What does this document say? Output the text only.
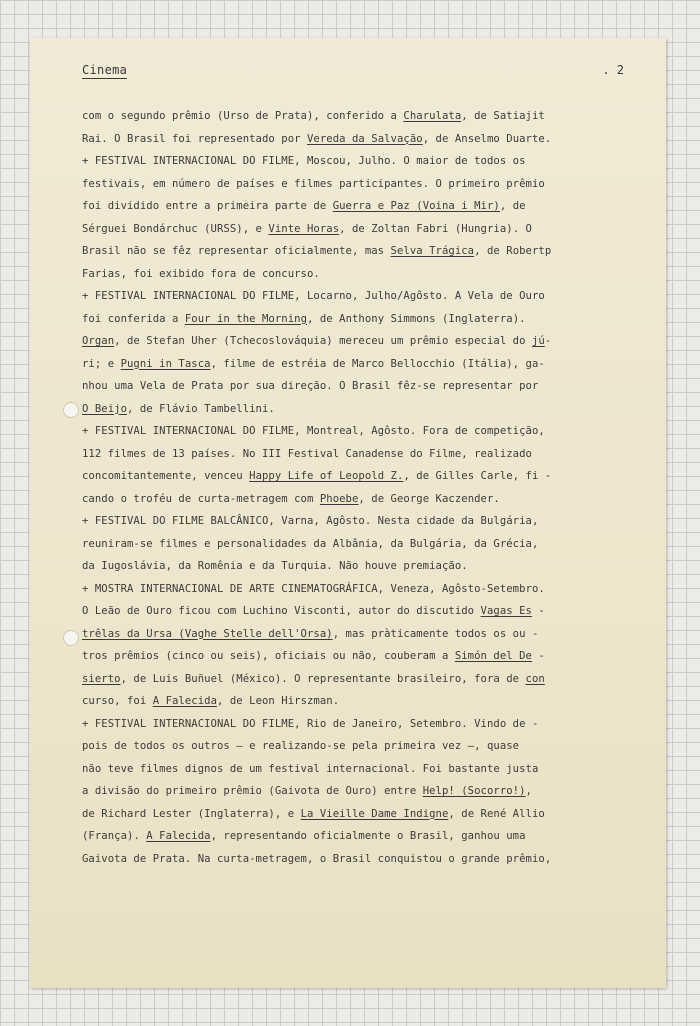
Cinema	. 2
com o segundo prêmio (Urso de Prata), conferido a Charulata, de Satiajit
Rai. O Brasil foi representado por Vereda da Salvação, de Anselmo Duarte.
+ FESTIVAL INTERNACIONAL DO FILME, Moscou, Julho. O maior de todos os
festivais, em número de países e filmes participantes. O primeiro prêmio
foi dividido entre a primeira parte de Guerra e Paz (Voina i Mir), de
Sérguei Bondárchuc (URSS), e Vinte Horas, de Zoltan Fabri (Hungria). O
Brasil não se fêz representar oficialmente, mas Selva Trágica, de Robertp
Farias, foi exibido fora de concurso.
+ FESTIVAL INTERNACIONAL DO FILME, Locarno, Julho/Agôsto. A Vela de Ouro
foi conferida a Four in the Morning, de Anthony Simmons (Inglaterra).
Organ, de Stefan Uher (Tchecoslováquia) mereceu um prêmio especial do jú-
ri; e Pugni in Tasca, filme de estréia de Marco Bellocchio (Itália), ga-
nhou uma Vela de Prata por sua direção. O Brasil fêz-se representar por
O Beijo, de Flávio Tambellini.
+ FESTIVAL INTERNACIONAL DO FILME, Montreal, Agôsto. Fora de competição,
112 filmes de 13 países. No III Festival Canadense do Filme, realizado
concomitantemente, venceu Happy Life of Leopold Z., de Gilles Carle, fi -
cando o troféu de curta-metragem com Phoebe, de George Kaczender.
+ FESTIVAL DO FILME BALCÂNICO, Varna, Agôsto. Nesta cidade da Bulgária,
reuniram-se filmes e personalidades da Albânia, da Bulgária, da Grécia,
da Iugoslávia, da Romênia e da Turquia. Não houve premiação.
+ MOSTRA INTERNACIONAL DE ARTE CINEMATOGRÁFICA, Veneza, Agôsto-Setembro.
O Leão de Ouro ficou com Luchino Visconti, autor do discutido Vagas Es -
trêlas da Ursa (Vaghe Stelle dell'Orsa), mas pràticamente todos os ou -
tros prêmios (cinco ou seis), oficiais ou não, couberam a Simón del De -
sierto, de Luis Buñuel (México). O representante brasileiro, fora de con
curso, foi A Falecida, de Leon Hirszman.
+ FESTIVAL INTERNACIONAL DO FILME, Rio de Janeiro, Setembro. Vindo de -
pois de todos os outros — e realizando-se pela primeira vez —, quase
não teve filmes dignos de um festival internacional. Foi bastante justa
a divisão do primeiro prêmio (Gaivota de Ouro) entre Help! (Socorro!),
de Richard Lester (Inglaterra), e La Vieille Dame Indigne, de René Allio
(França). A Falecida, representando oficialmente o Brasil, ganhou uma
Gaivota de Prata. Na curta-metragem, o Brasil conquistou o grande prêmio,
